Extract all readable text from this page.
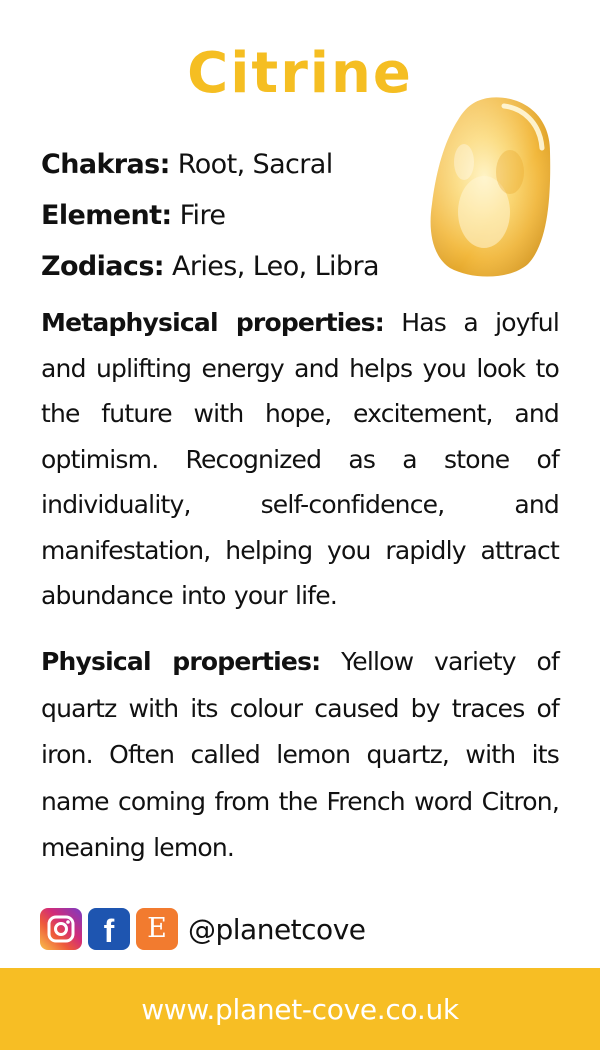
Citrine
Chakras: Root, Sacral
Element: Fire
Zodiacs: Aries, Leo, Libra

Metaphysical properties: Has a joyful and uplifting energy and helps you look to the future with hope, excitement, and optimism. Recognized as a stone of individuality, self-confidence, and manifestation, helping you rapidly attract abundance into your life.

Physical properties: Yellow variety of quartz with its colour caused by traces of iron. Often called lemon quartz, with its name coming from the French word Citron, meaning lemon.

f E @planetcove
www.planet-cove.co.uk
